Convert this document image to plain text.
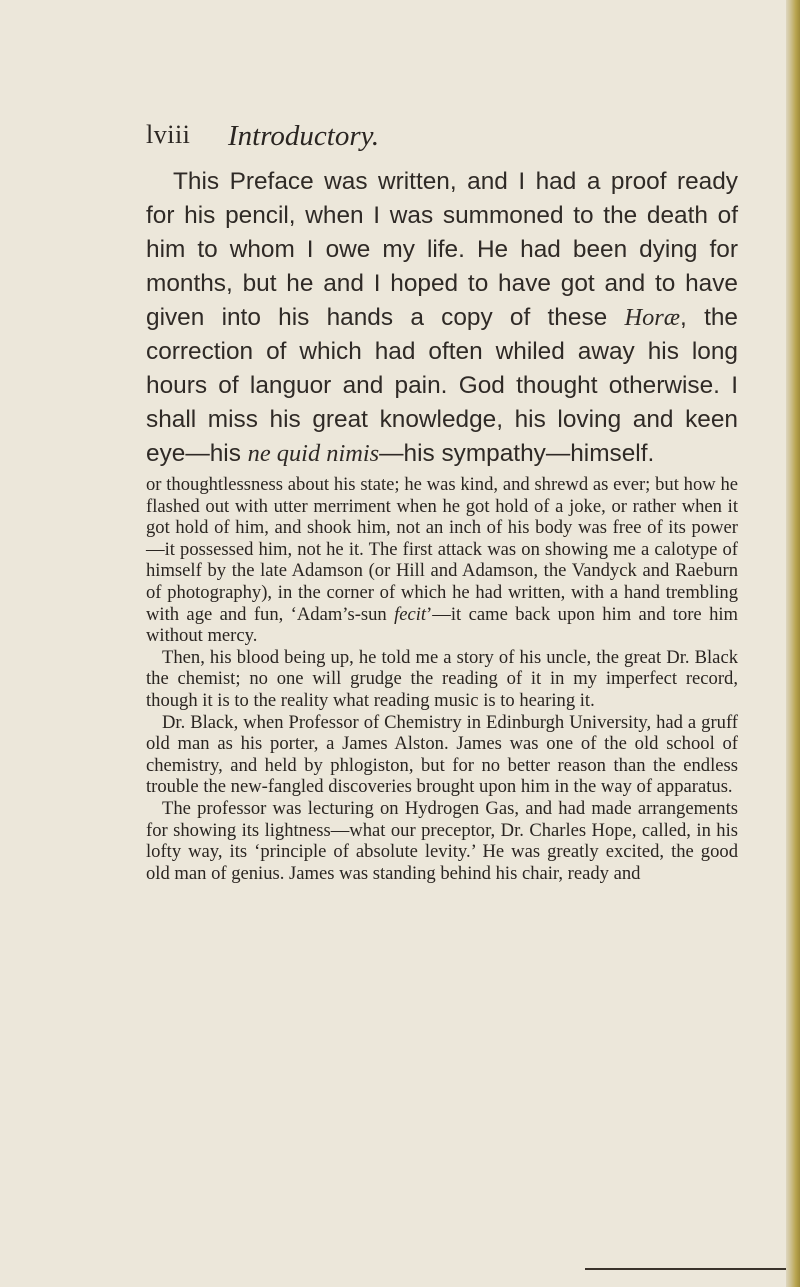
lviii Introductory.

This Preface was written, and I had a proof ready for his pencil, when I was summoned to the death of him to whom I owe my life. He had been dying for months, but he and I hoped to have got and to have given into his hands a copy of these Horæ, the correction of which had often whiled away his long hours of languor and pain. God thought otherwise. I shall miss his great knowledge, his loving and keen eye—his ne quid nimis—his sympathy—himself.

or thoughtlessness about his state; he was kind, and shrewd as ever; but how he flashed out with utter merriment when he got hold of a joke, or rather when it got hold of him, and shook him, not an inch of his body was free of its power—it possessed him, not he it. The first attack was on showing me a calotype of himself by the late Adamson (or Hill and Adamson, the Vandyck and Raeburn of photography), in the corner of which he had written, with a hand trembling with age and fun, ‘Adam’s-sun fecit’—it came back upon him and tore him without mercy.

Then, his blood being up, he told me a story of his uncle, the great Dr. Black the chemist; no one will grudge the reading of it in my imperfect record, though it is to the reality what reading music is to hearing it.

Dr. Black, when Professor of Chemistry in Edinburgh University, had a gruff old man as his porter, a James Alston. James was one of the old school of chemistry, and held by phlogiston, but for no better reason than the endless trouble the new-fangled discoveries brought upon him in the way of apparatus.

The professor was lecturing on Hydrogen Gas, and had made arrangements for showing its lightness—what our preceptor, Dr. Charles Hope, called, in his lofty way, its ‘principle of absolute levity.’ He was greatly excited, the good old man of genius. James was standing behind his chair, ready and
